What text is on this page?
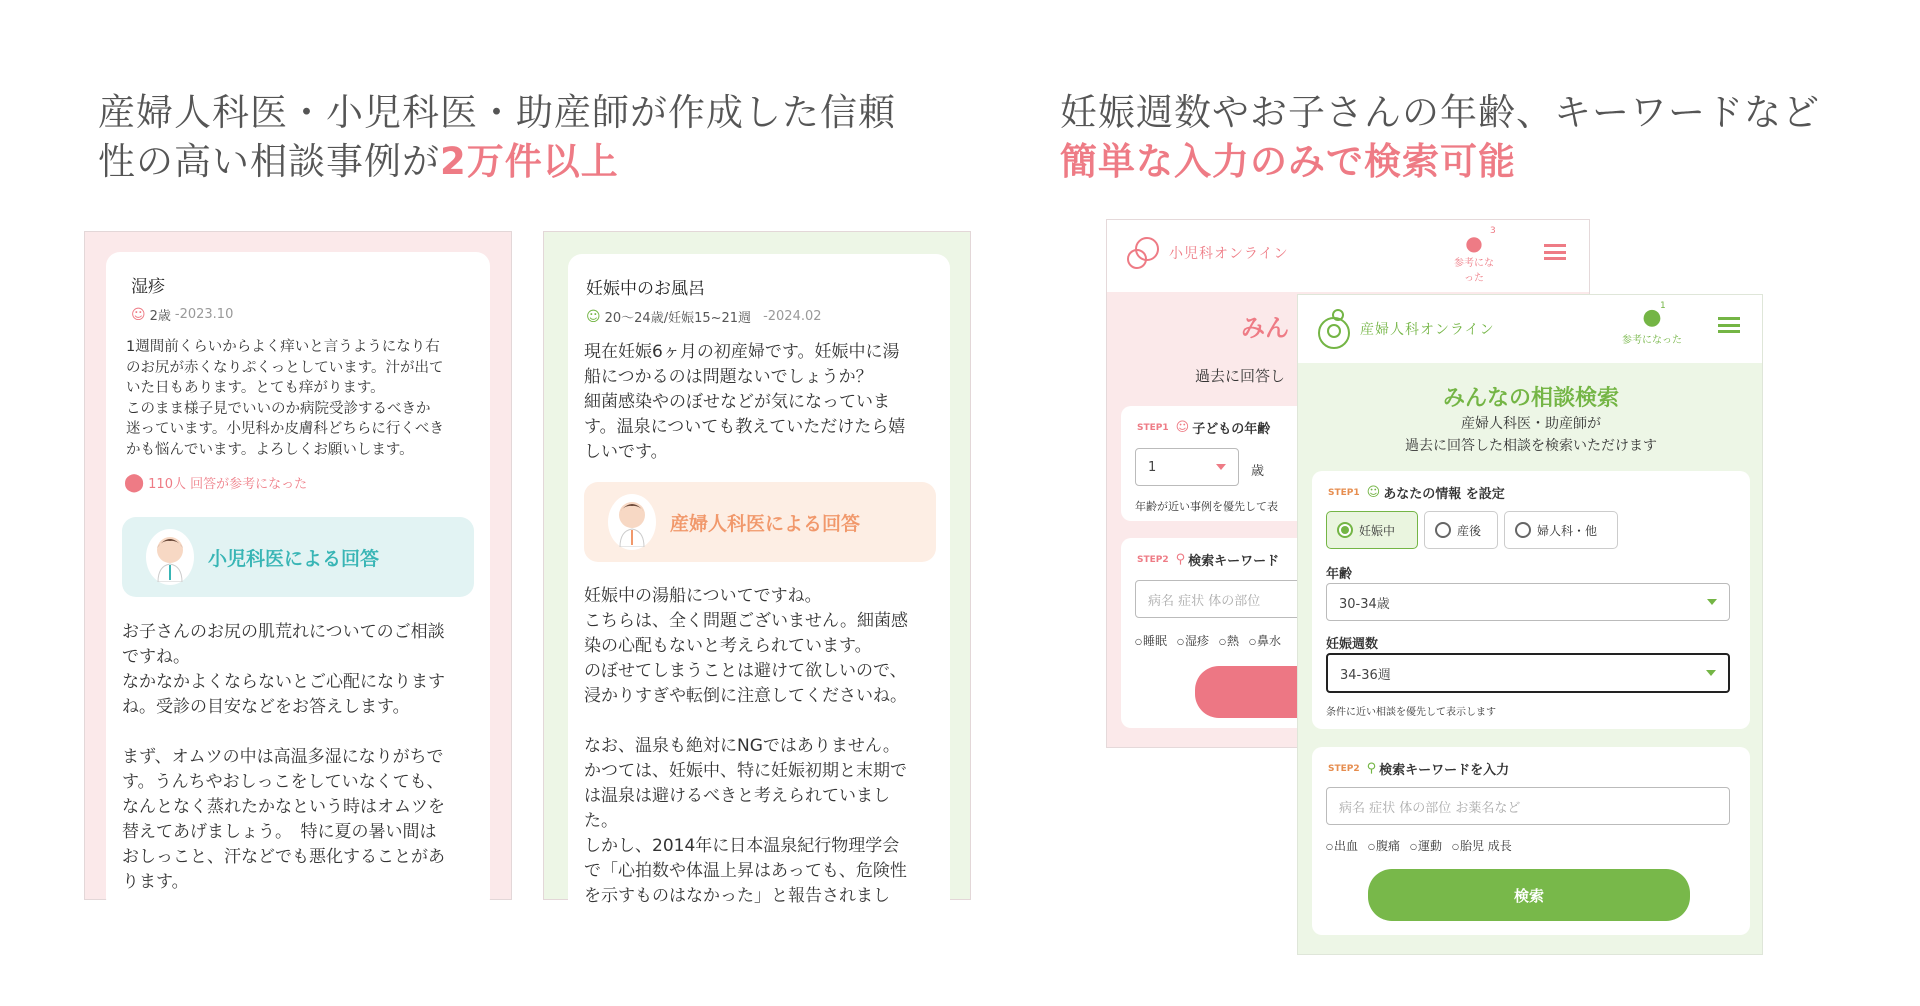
産婦人科医・小児科医・助産師が作成した信頼
性の高い相談事例が2万件以上
妊娠週数やお子さんの年齢、キーワードなど
簡単な入力のみで検索可能
湿疹
☺ 2歳 -2023.10
1週間前くらいからよく痒いと言うようになり右
のお尻が赤くなりぷくっとしています。汁が出て
いた日もあります。とても痒がります。
このまま様子見でいいのか病院受診するべきか
迷っています。小児科か皮膚科どちらに行くべき
かも悩んでいます。よろしくお願いします。
⬤ 110人 回答が参考になった
小児科医による回答
お子さんのお尻の肌荒れについてのご相談
ですね。
なかなかよくならないとご心配になります
ね。受診の目安などをお答えします。

まず、オムツの中は高温多湿になりがちで
す。うんちやおしっこをしていなくても、
なんとなく蒸れたかなという時はオムツを
替えてあげましょう。　特に夏の暑い間は
おしっこと、汗などでも悪化することがあ
ります。
妊娠中のお風呂
☺ 20〜24歳/妊娠15~21週 -2024.02
現在妊娠6ヶ月の初産婦です。妊娠中に湯
船につかるのは問題ないでしょうか？
細菌感染やのぼせなどが気になっていま
す。温泉についても教えていただけたら嬉
しいです。
産婦人科医による回答
妊娠中の湯船についてですね。
こちらは、全く問題ございません。細菌感
染の心配もないと考えられています。
のぼせてしまうことは避けて欲しいので、
浸かりすぎや転倒に注意してくださいね。

なお、温泉も絶対にNGではありません。
かつては、妊娠中、特に妊娠初期と末期で
は温泉は避けるべきと考えられていまし
た。
しかし、2014年に日本温泉紀行物理学会
で「心拍数や体温上昇はあっても、危険性
を示すものはなかった」と報告されまし
小児科オンライン	●
参考になった
3
みん
過去に回答し
STEP1 ☺ 子どもの年齢
1	歳
年齢が近い事例を優先して表
STEP2 ⚲ 検索キーワード
病名 症状 体の部位
○ 睡眠	○ 湿疹	○ 熱	○ 鼻水
産婦人科オンライン	●
参考になった
1
みんなの相談検索
産婦人科医・助産師が
過去に回答した相談を検索いただけます
STEP1 ☺ あなたの情報 を設定
妊娠中	産後	婦人科・他
年齢
30-34歳
妊娠週数
34-36週
条件に近い相談を優先して表示します
STEP2 ⚲ 検索キーワードを入力
病名 症状 体の部位 お薬名など
○ 出血	○ 腹痛	○ 運動	○ 胎児 成長
検索
